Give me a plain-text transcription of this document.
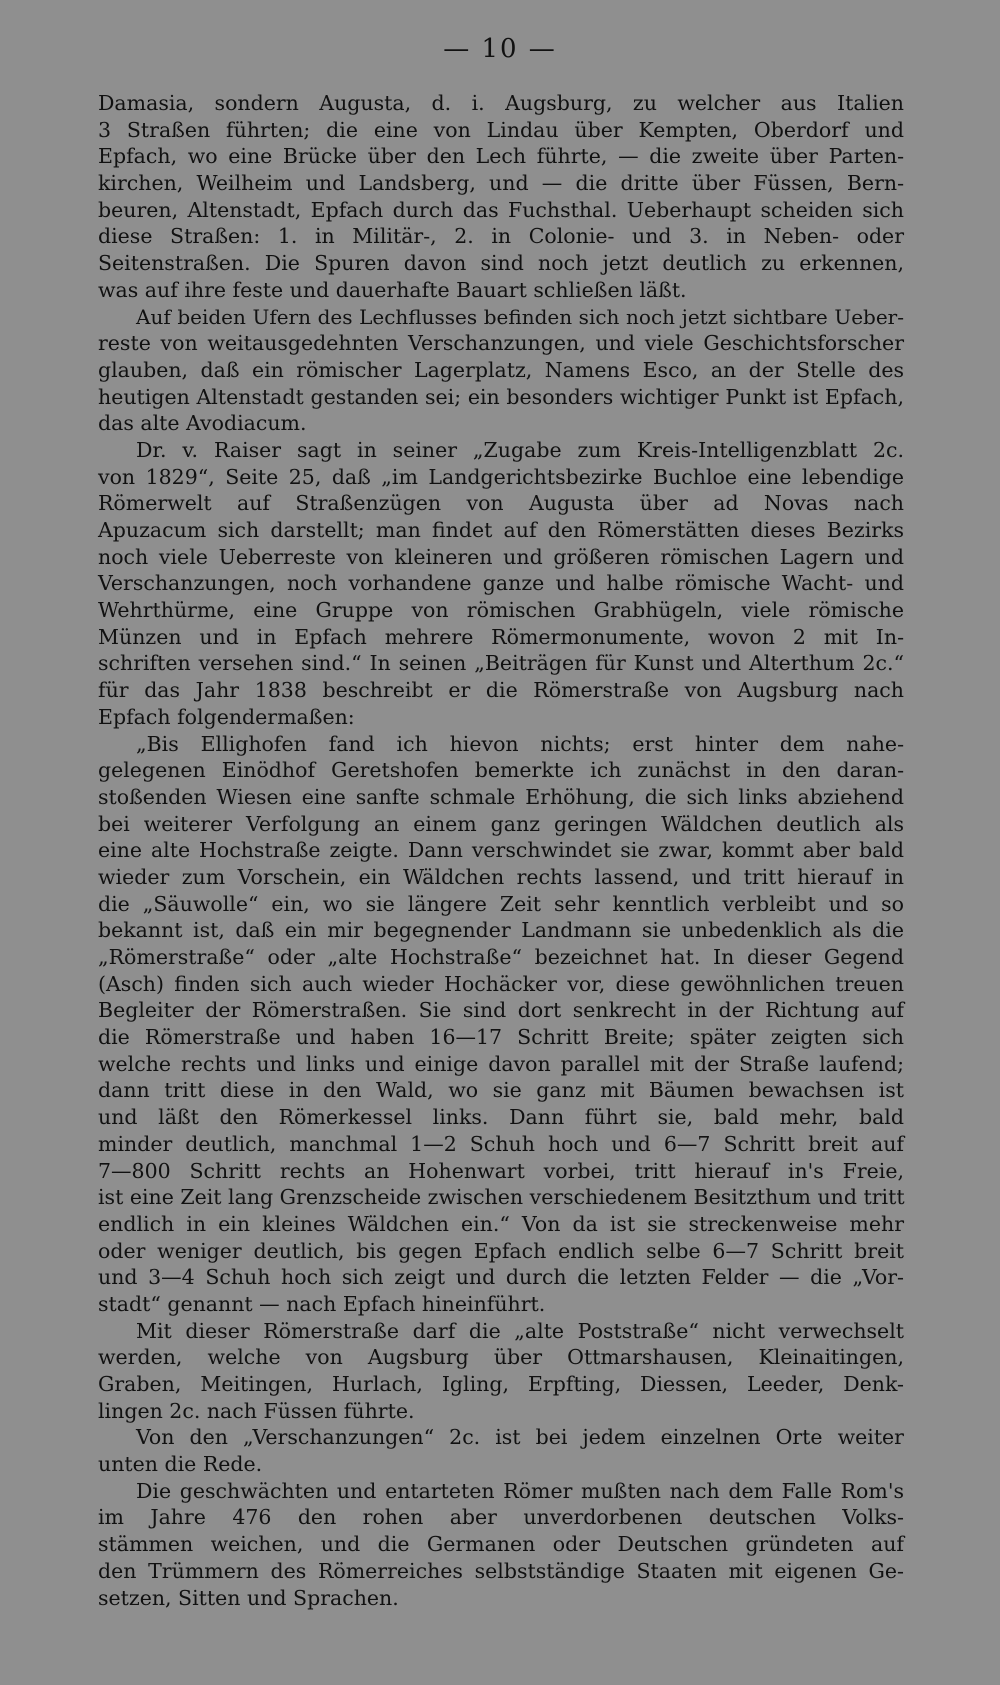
— 10 —
Damasia, sondern Augusta, d. i. Augsburg, zu welcher aus Italien
3 Straßen führten; die eine von Lindau über Kempten, Oberdorf und
Epfach, wo eine Brücke über den Lech führte, — die zweite über Parten-
kirchen, Weilheim und Landsberg, und — die dritte über Füssen, Bern-
beuren, Altenstadt, Epfach durch das Fuchsthal. Ueberhaupt scheiden sich
diese Straßen: 1. in Militär-, 2. in Colonie- und 3. in Neben- oder
Seitenstraßen. Die Spuren davon sind noch jetzt deutlich zu erkennen,
was auf ihre feste und dauerhafte Bauart schließen läßt.
Auf beiden Ufern des Lechflusses befinden sich noch jetzt sichtbare Ueber-
reste von weitausgedehnten Verschanzungen, und viele Geschichtsforscher
glauben, daß ein römischer Lagerplatz, Namens Esco, an der Stelle des
heutigen Altenstadt gestanden sei; ein besonders wichtiger Punkt ist Epfach,
das alte Avodiacum.
Dr. v. Raiser sagt in seiner „Zugabe zum Kreis-Intelligenzblatt 2c.
von 1829“, Seite 25, daß „im Landgerichtsbezirke Buchloe eine lebendige
Römerwelt auf Straßenzügen von Augusta über ad Novas nach
Apuzacum sich darstellt; man findet auf den Römerstätten dieses Bezirks
noch viele Ueberreste von kleineren und größeren römischen Lagern und
Verschanzungen, noch vorhandene ganze und halbe römische Wacht- und
Wehrthürme, eine Gruppe von römischen Grabhügeln, viele römische
Münzen und in Epfach mehrere Römermonumente, wovon 2 mit In-
schriften versehen sind.“ In seinen „Beiträgen für Kunst und Alterthum 2c.“
für das Jahr 1838 beschreibt er die Römerstraße von Augsburg nach
Epfach folgendermaßen:
„Bis Ellighofen fand ich hievon nichts; erst hinter dem nahe-
gelegenen Einödhof Geretshofen bemerkte ich zunächst in den daran-
stoßenden Wiesen eine sanfte schmale Erhöhung, die sich links abziehend
bei weiterer Verfolgung an einem ganz geringen Wäldchen deutlich als
eine alte Hochstraße zeigte. Dann verschwindet sie zwar, kommt aber bald
wieder zum Vorschein, ein Wäldchen rechts lassend, und tritt hierauf in
die „Säuwolle“ ein, wo sie längere Zeit sehr kenntlich verbleibt und so
bekannt ist, daß ein mir begegnender Landmann sie unbedenklich als die
„Römerstraße“ oder „alte Hochstraße“ bezeichnet hat. In dieser Gegend
(Asch) finden sich auch wieder Hochäcker vor, diese gewöhnlichen treuen
Begleiter der Römerstraßen. Sie sind dort senkrecht in der Richtung auf
die Römerstraße und haben 16—17 Schritt Breite; später zeigten sich
welche rechts und links und einige davon parallel mit der Straße laufend;
dann tritt diese in den Wald, wo sie ganz mit Bäumen bewachsen ist
und läßt den Römerkessel links. Dann führt sie, bald mehr, bald
minder deutlich, manchmal 1—2 Schuh hoch und 6—7 Schritt breit auf
7—800 Schritt rechts an Hohenwart vorbei, tritt hierauf in's Freie,
ist eine Zeit lang Grenzscheide zwischen verschiedenem Besitzthum und tritt
endlich in ein kleines Wäldchen ein.“ Von da ist sie streckenweise mehr
oder weniger deutlich, bis gegen Epfach endlich selbe 6—7 Schritt breit
und 3—4 Schuh hoch sich zeigt und durch die letzten Felder — die „Vor-
stadt“ genannt — nach Epfach hineinführt.
Mit dieser Römerstraße darf die „alte Poststraße“ nicht verwechselt
werden, welche von Augsburg über Ottmarshausen, Kleinaitingen,
Graben, Meitingen, Hurlach, Igling, Erpfting, Diessen, Leeder, Denk-
lingen 2c. nach Füssen führte.
Von den „Verschanzungen“ 2c. ist bei jedem einzelnen Orte weiter
unten die Rede.
Die geschwächten und entarteten Römer mußten nach dem Falle Rom's
im Jahre 476 den rohen aber unverdorbenen deutschen Volks-
stämmen weichen, und die Germanen oder Deutschen gründeten auf
den Trümmern des Römerreiches selbstständige Staaten mit eigenen Ge-
setzen, Sitten und Sprachen.
